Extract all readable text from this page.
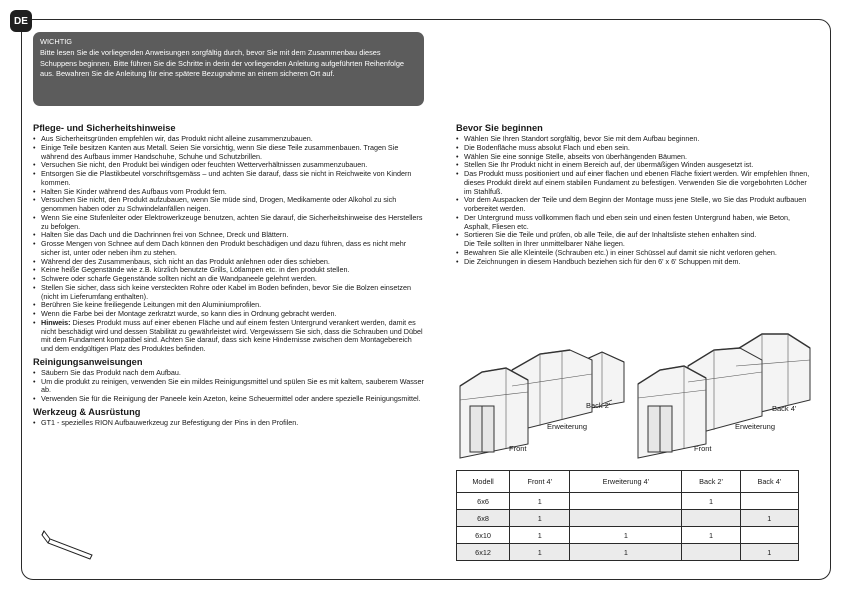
DE
WICHTIG
Bitte lesen Sie die vorliegenden Anweisungen sorgfältig durch, bevor Sie mit dem Zusammenbau dieses Schuppens beginnen. Bitte führen Sie die Schritte in derin der vorliegenden Anleitung aufgeführten Reihenfolge aus. Bewahren Sie die Anleitung für eine spätere Bezugnahme an einem sicheren Ort auf.
Pflege- und Sicherheitshinweise
• Aus Sicherheitsgründen empfehlen wir, das Produkt nicht alleine zusammenzubauen.
• Einige Teile besitzen Kanten aus Metall. Seien Sie vorsichtig, wenn Sie diese Teile zusammenbauen. Tragen Sie während des Aufbaus immer Handschuhe, Schuhe und Schutzbrillen.
• Versuchen Sie nicht, den Produkt bei windigen oder feuchten Wetterverhältnissen zusammenzubauen.
• Entsorgen Sie die Plastikbeutel vorschriftsgemäss – und achten Sie darauf, dass sie nicht in Reichweite von Kindern kommen.
• Halten Sie Kinder während des Aufbaus vom Produkt fern.
• Versuchen Sie nicht, den Produkt aufzubauen, wenn Sie müde sind, Drogen, Medikamente oder Alkohol zu sich genommen haben oder zu Schwindelanfällen neigen.
• Wenn Sie eine Stufenleiter oder Elektrowerkzeuge benutzen, achten Sie darauf, die Sicherheitshinweise des Herstellers zu befolgen.
• Halten Sie das Dach und die Dachrinnen frei von Schnee, Dreck und Blättern.
• Grosse Mengen von Schnee auf dem Dach können den Produkt beschädigen und dazu führen, dass es nicht mehr sicher ist, unter oder neben ihm zu stehen.
• Während der des Zusammenbaus, sich nicht an das Produkt anlehnen oder dies schieben.
• Keine heiße Gegenstände wie z.B. kürzlich benutzte Grills, Lötlampen etc. in den produkt stellen.
• Schwere oder scharfe Gegenstände sollten nicht an die Wandpaneele gelehnt werden.
• Stellen Sie sicher, dass sich keine versteckten Rohre oder Kabel im Boden befinden, bevor Sie die Bolzen einsetzen (nicht im Lieferumfang enthalten).
• Berühren Sie keine freiliegende Leitungen mit den Aluminiumprofilen.
• Wenn die Farbe bei der Montage zerkratzt wurde, so kann dies in Ordnung gebracht werden.
• Hinweis: Dieses Produkt muss auf einer ebenen Fläche und auf einem festen Untergrund verankert werden, damit es nicht beschädigt wird und dessen Stabilität zu gewährleistet wird. Vergewissern Sie sich, dass die Schrauben und Dübel mit dem Fundament kompatibel sind. Achten Sie darauf, dass sich keine Hindernisse zwischen dem Montagebereich und dem endgültigen Platz des Produktes befinden.
Reinigungsanweisungen
• Säubern Sie das Produkt nach dem Aufbau.
• Um die produkt zu reinigen, verwenden Sie ein mildes Reinigungsmittel und spülen Sie es mit kaltem, sauberem Wasser ab.
• Verwenden Sie für die Reinigung der Paneele kein Azeton, keine Scheuermittel oder andere spezielle Reinigungsmittel.
Werkzeug & Ausrüstung
• GT1 - spezielles RION Aufbauwerkzeug zur Befestigung der Pins in den Profilen.
Bevor Sie beginnen
• Wählen Sie Ihren Standort sorgfältig, bevor Sie mit dem Aufbau beginnen.
• Die Bodenfläche muss absolut Flach und eben sein.
• Wählen Sie eine sonnige Stelle, abseits von überhängenden Bäumen.
• Stellen Sie Ihr Produkt nicht in einem Bereich auf, der übermäßigen Winden ausgesetzt ist.
• Das Produkt muss positioniert und auf einer flachen und ebenen Fläche fixiert werden. Wir empfehlen Ihnen, dieses Produkt direkt auf einem stabilen Fundament zu befestigen. Verwenden Sie die vorgebohrten Löcher im Stahlfuß.
• Vor dem Auspacken der Teile und dem Beginn der Montage muss jene Stelle, wo Sie das Produkt aufbauen vorbereitet werden.
• Der Untergrund muss vollkommen flach und eben sein und einen festen Untergrund haben, wie Beton, Asphalt, Fliesen etc.
• Sortieren Sie die Teile und prüfen, ob alle Teile, die auf der Inhaltsliste stehen enhalten sind.
Die Teile sollten in Ihrer unmittelbarer Nähe liegen.
• Bewahren Sie alle Kleinteile (Schrauben etc.) in einer Schüssel auf damit sie nicht verloren gehen.
• Die Zeichnungen in diesem Handbuch beziehen sich für den 6' x 6' Schuppen mit dem.
Back 2'
Erweiterung
Front
Back 4'
Erweiterung
Front
Modell	Front 4'	Erweiterung 4'	Back 2'	Back 4'
6x6	1		1	
6x8	1			1
6x10	1	1	1	
6x12	1	1		1
